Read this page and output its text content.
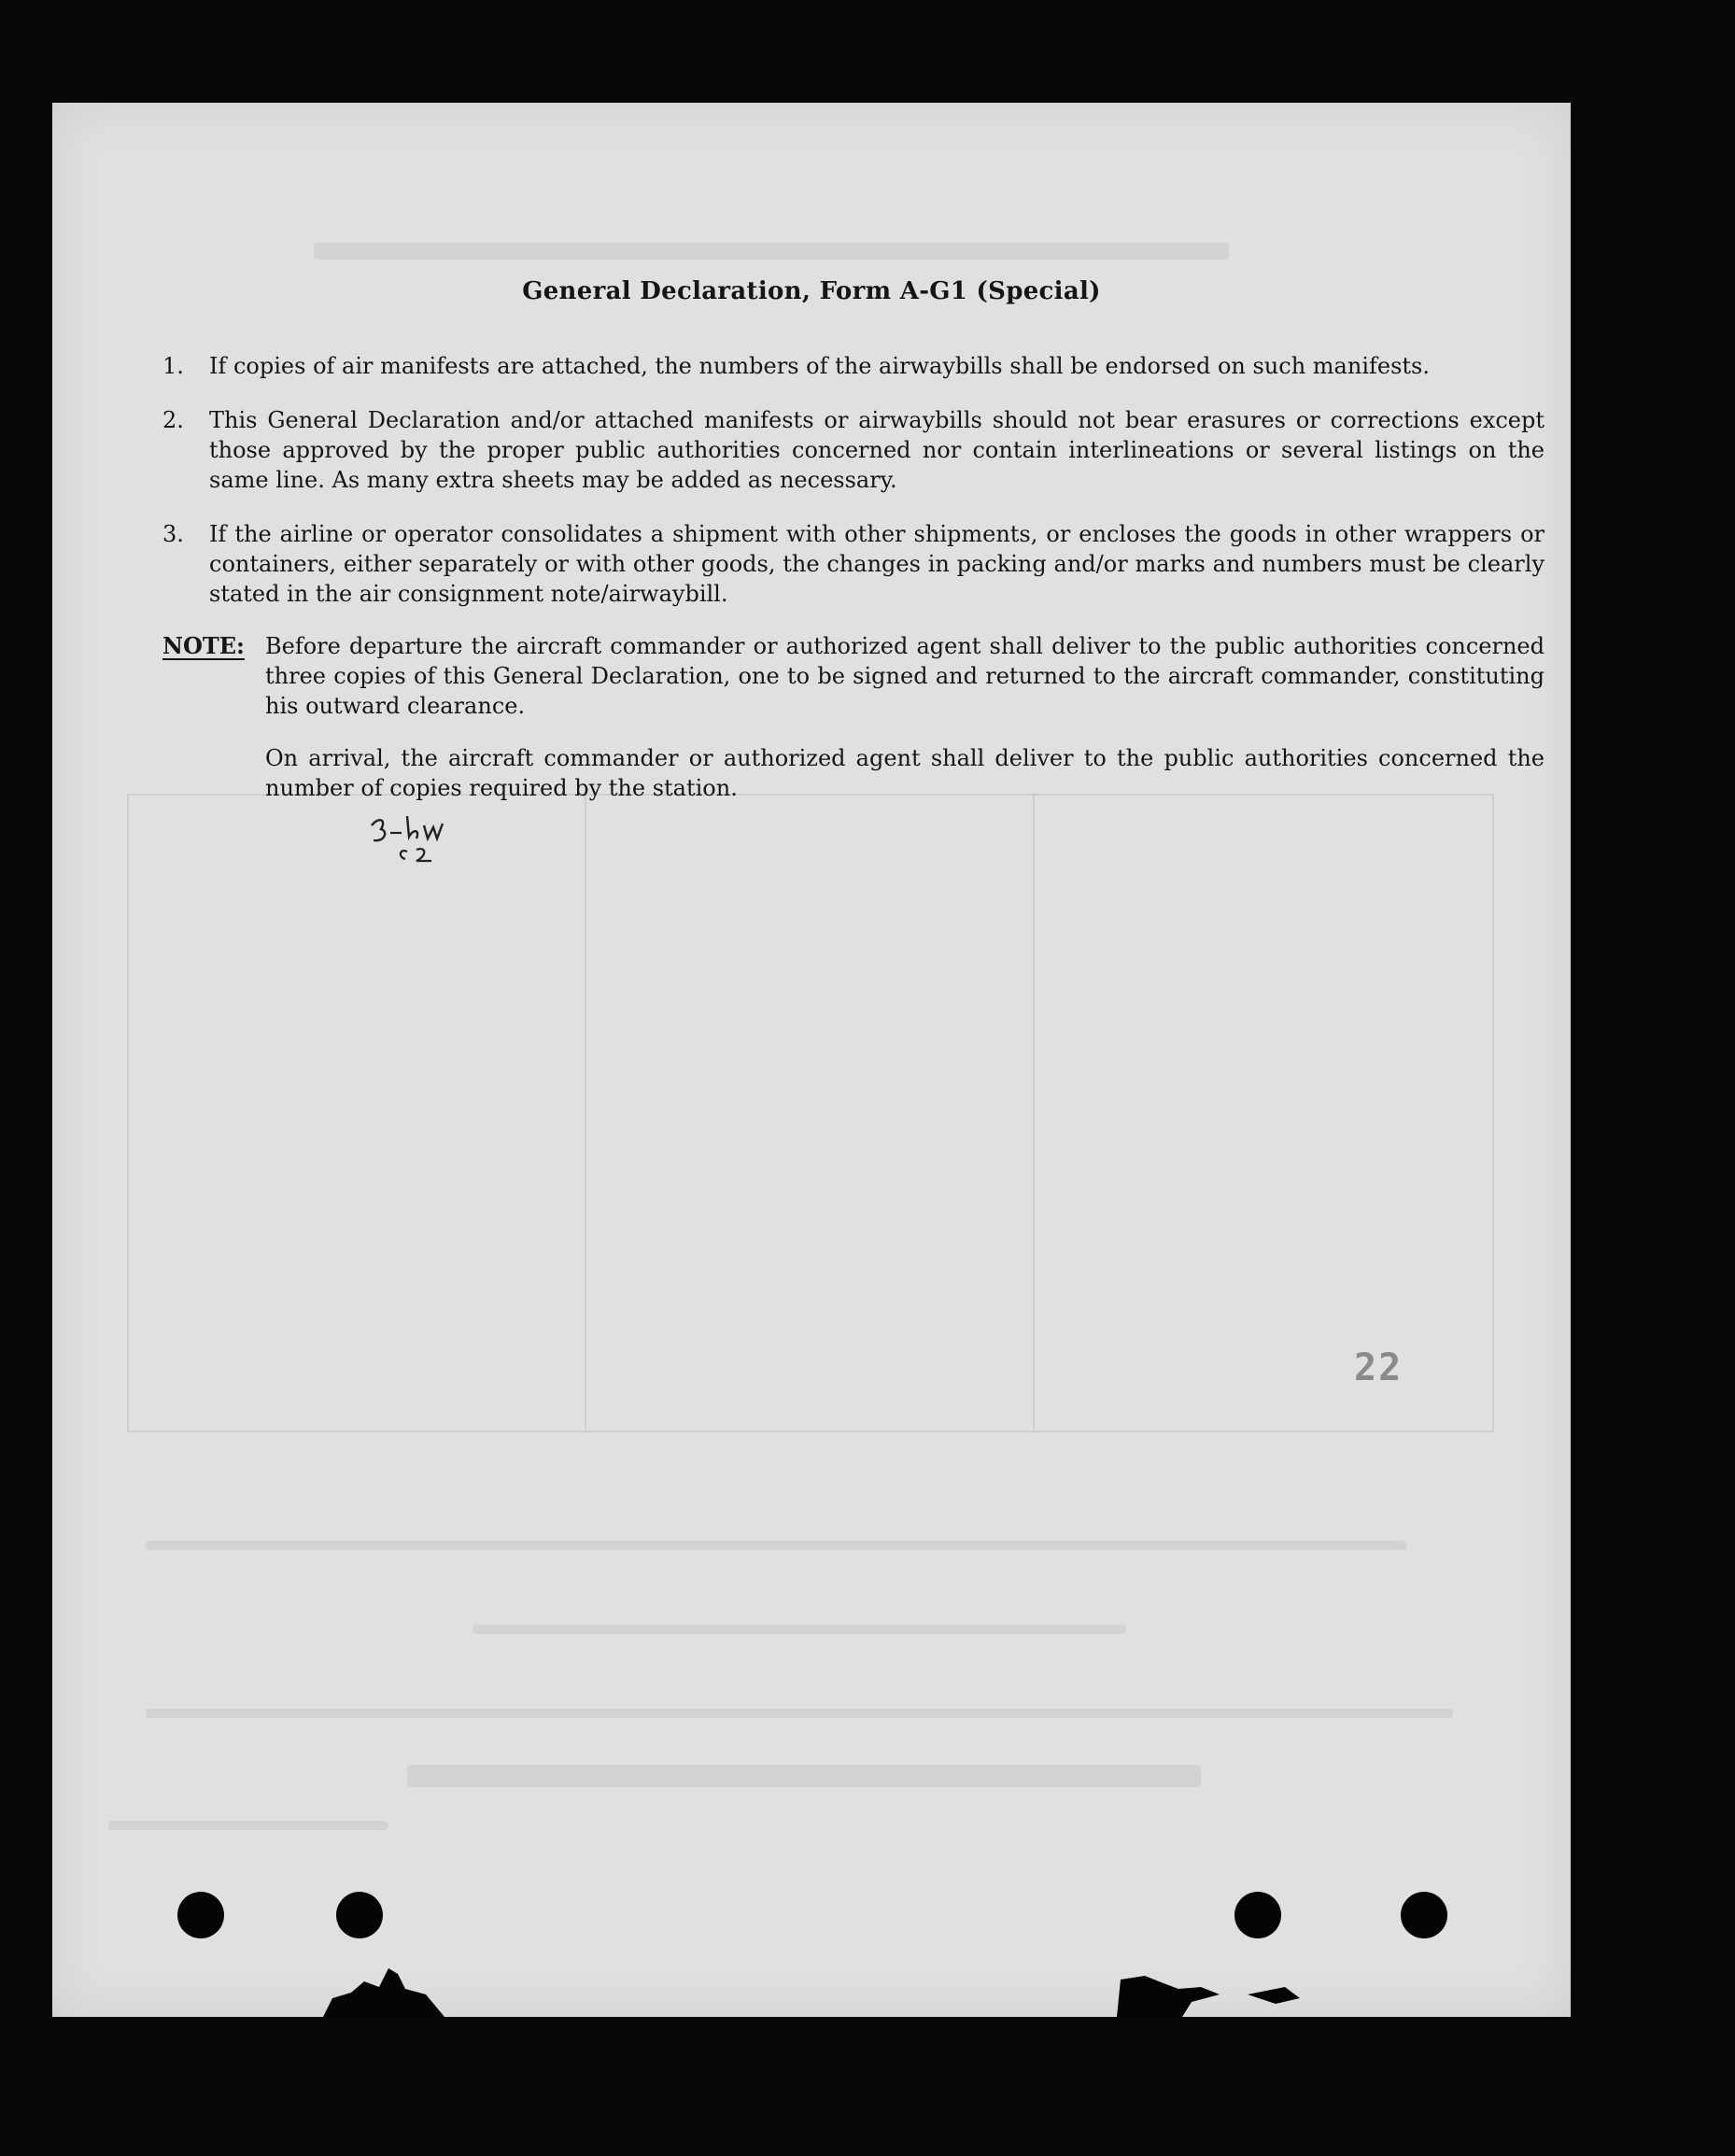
General Declaration, Form A-G1 (Special)
1.	If copies of air manifests are attached, the numbers of the airwaybills shall be endorsed on such manifests.
2.	This General Declaration and/or attached manifests or airwaybills should not bear erasures or corrections except those approved by the proper public authorities concerned nor contain interlineations or several listings on the same line. As many extra sheets may be added as necessary.
3.	If the airline or operator consolidates a shipment with other shipments, or encloses the goods in other wrappers or containers, either separately or with other goods, the changes in packing and/or marks and numbers must be clearly stated in the air consignment note/airwaybill.
NOTE: Before departure the aircraft commander or authorized agent shall deliver to the public authorities concerned three copies of this General Declaration, one to be signed and returned to the aircraft commander, constituting his outward clearance.
On arrival, the aircraft commander or authorized agent shall deliver to the public authorities concerned the number of copies required by the station.
22
